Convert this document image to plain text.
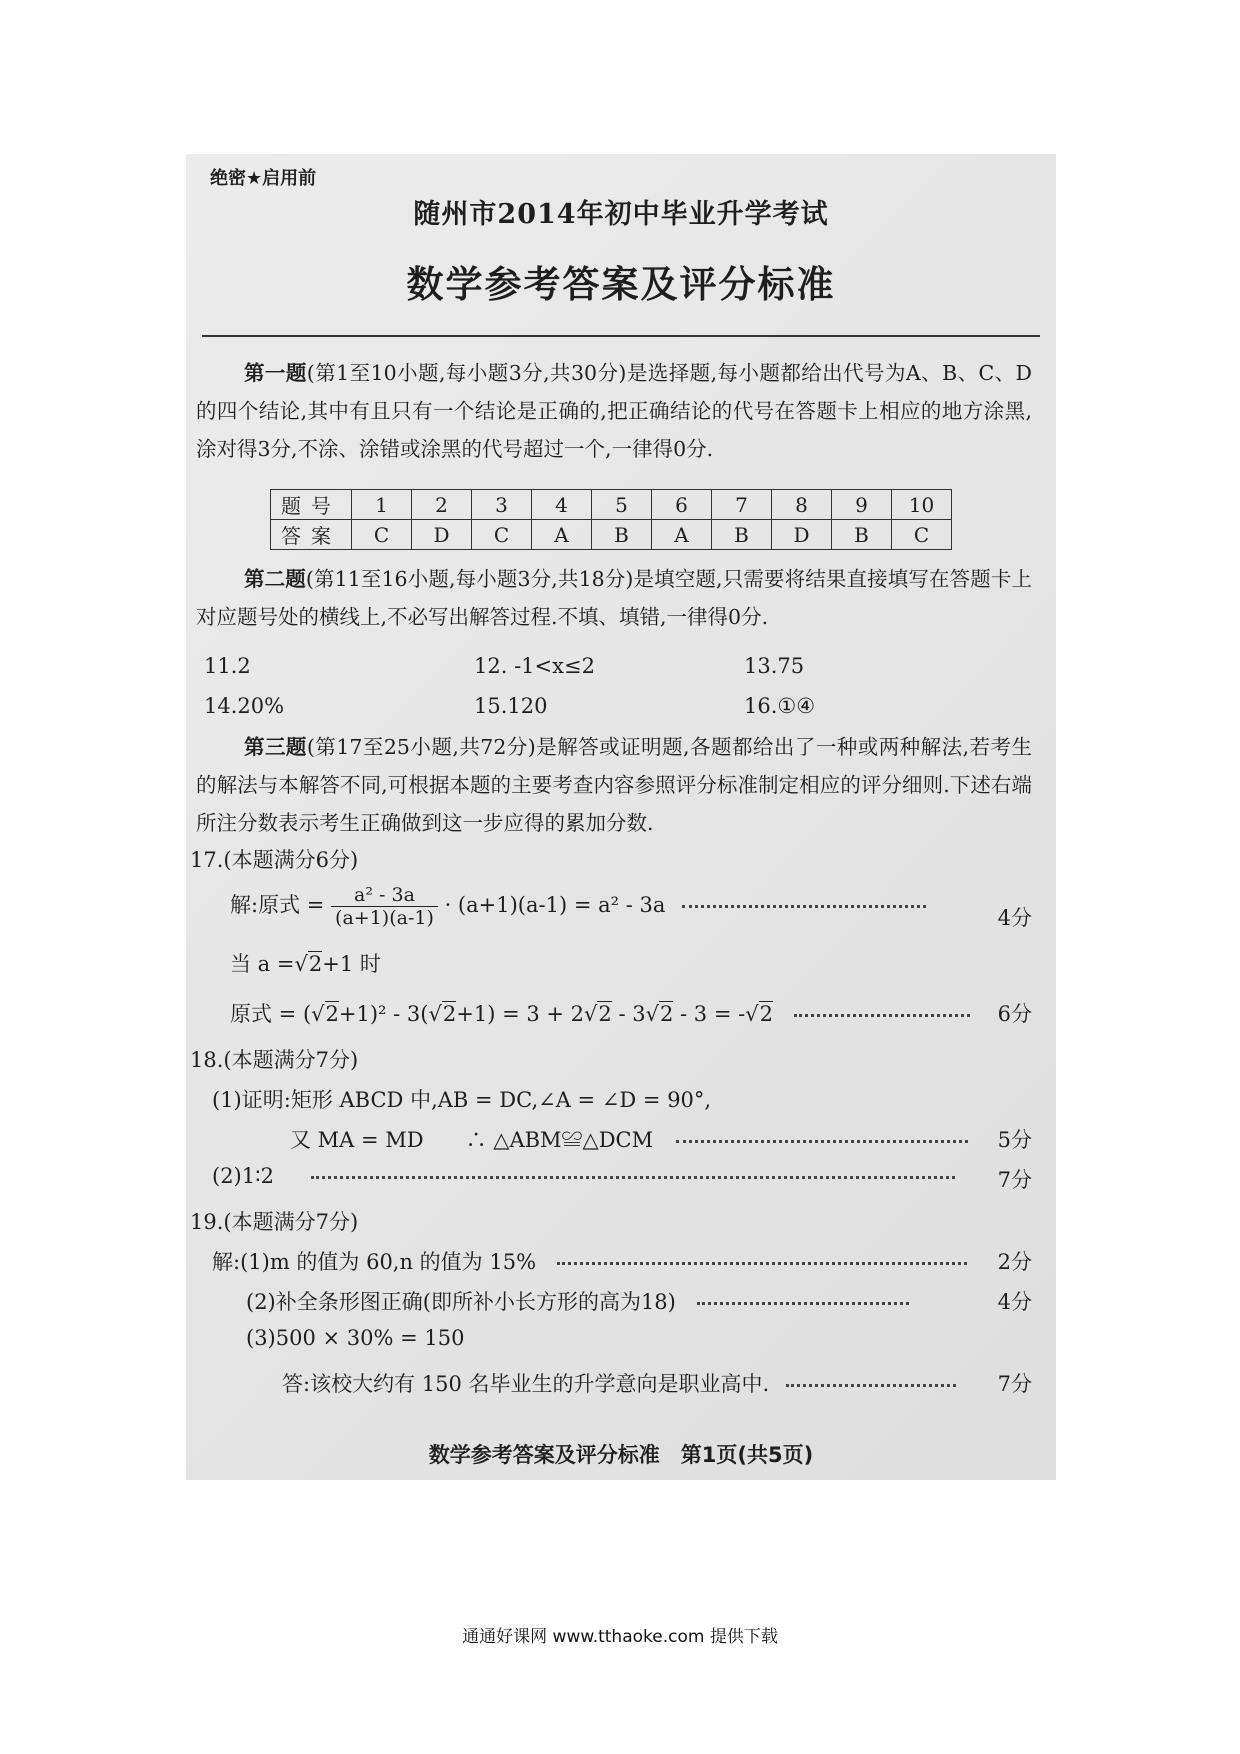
绝密★启用前
随州市2014年初中毕业升学考试
数学参考答案及评分标准
第一题(第1至10小题,每小题3分,共30分)是选择题,每小题都给出代号为A、B、C、D的四个结论,其中有且只有一个结论是正确的,把正确结论的代号在答题卡上相应的地方涂黑,涂对得3分,不涂、涂错或涂黑的代号超过一个,一律得0分.
题号	1	2	3	4	5	6	7	8	9	10
答案	C	D	C	A	B	A	B	D	B	C
第二题(第11至16小题,每小题3分,共18分)是填空题,只需要将结果直接填写在答题卡上对应题号处的横线上,不必写出解答过程.不填、填错,一律得0分.
11.2	12. -1<x≤2	13.75
14.20%	15.120	16.①④
第三题(第17至25小题,共72分)是解答或证明题,各题都给出了一种或两种解法,若考生的解法与本解答不同,可根据本题的主要考查内容参照评分标准制定相应的评分细则.下述右端所注分数表示考生正确做到这一步应得的累加分数.
17.(本题满分6分)
解:原式 = $\frac{\text{a² - 3a}}{(a+1)(a-1)} \cdot (a+1)(a-1) = a^2 - 3a$
4分
当 a =√2+1 时
原式 = (√2+1)² - 3(√2+1) = 3 + 2√2 - 3√2 - 3 = -√2	6分
18.(本题满分7分)
(1)证明:矩形 ABCD 中,AB = DC,∠A = ∠D = 90°,
又 MA = MD　　∴ △ABM≌△DCM	5分
(2)1∶2	7分
19.(本题满分7分)
解:(1)m 的值为 60,n 的值为 15%	2分
(2)补全条形图正确(即所补小长方形的高为18)	4分
(3)500 × 30% = 150
答:该校大约有 150 名毕业生的升学意向是职业高中.	7分
数学参考答案及评分标准　第1页(共5页)
通通好课网 www.tthaoke.com 提供下载
